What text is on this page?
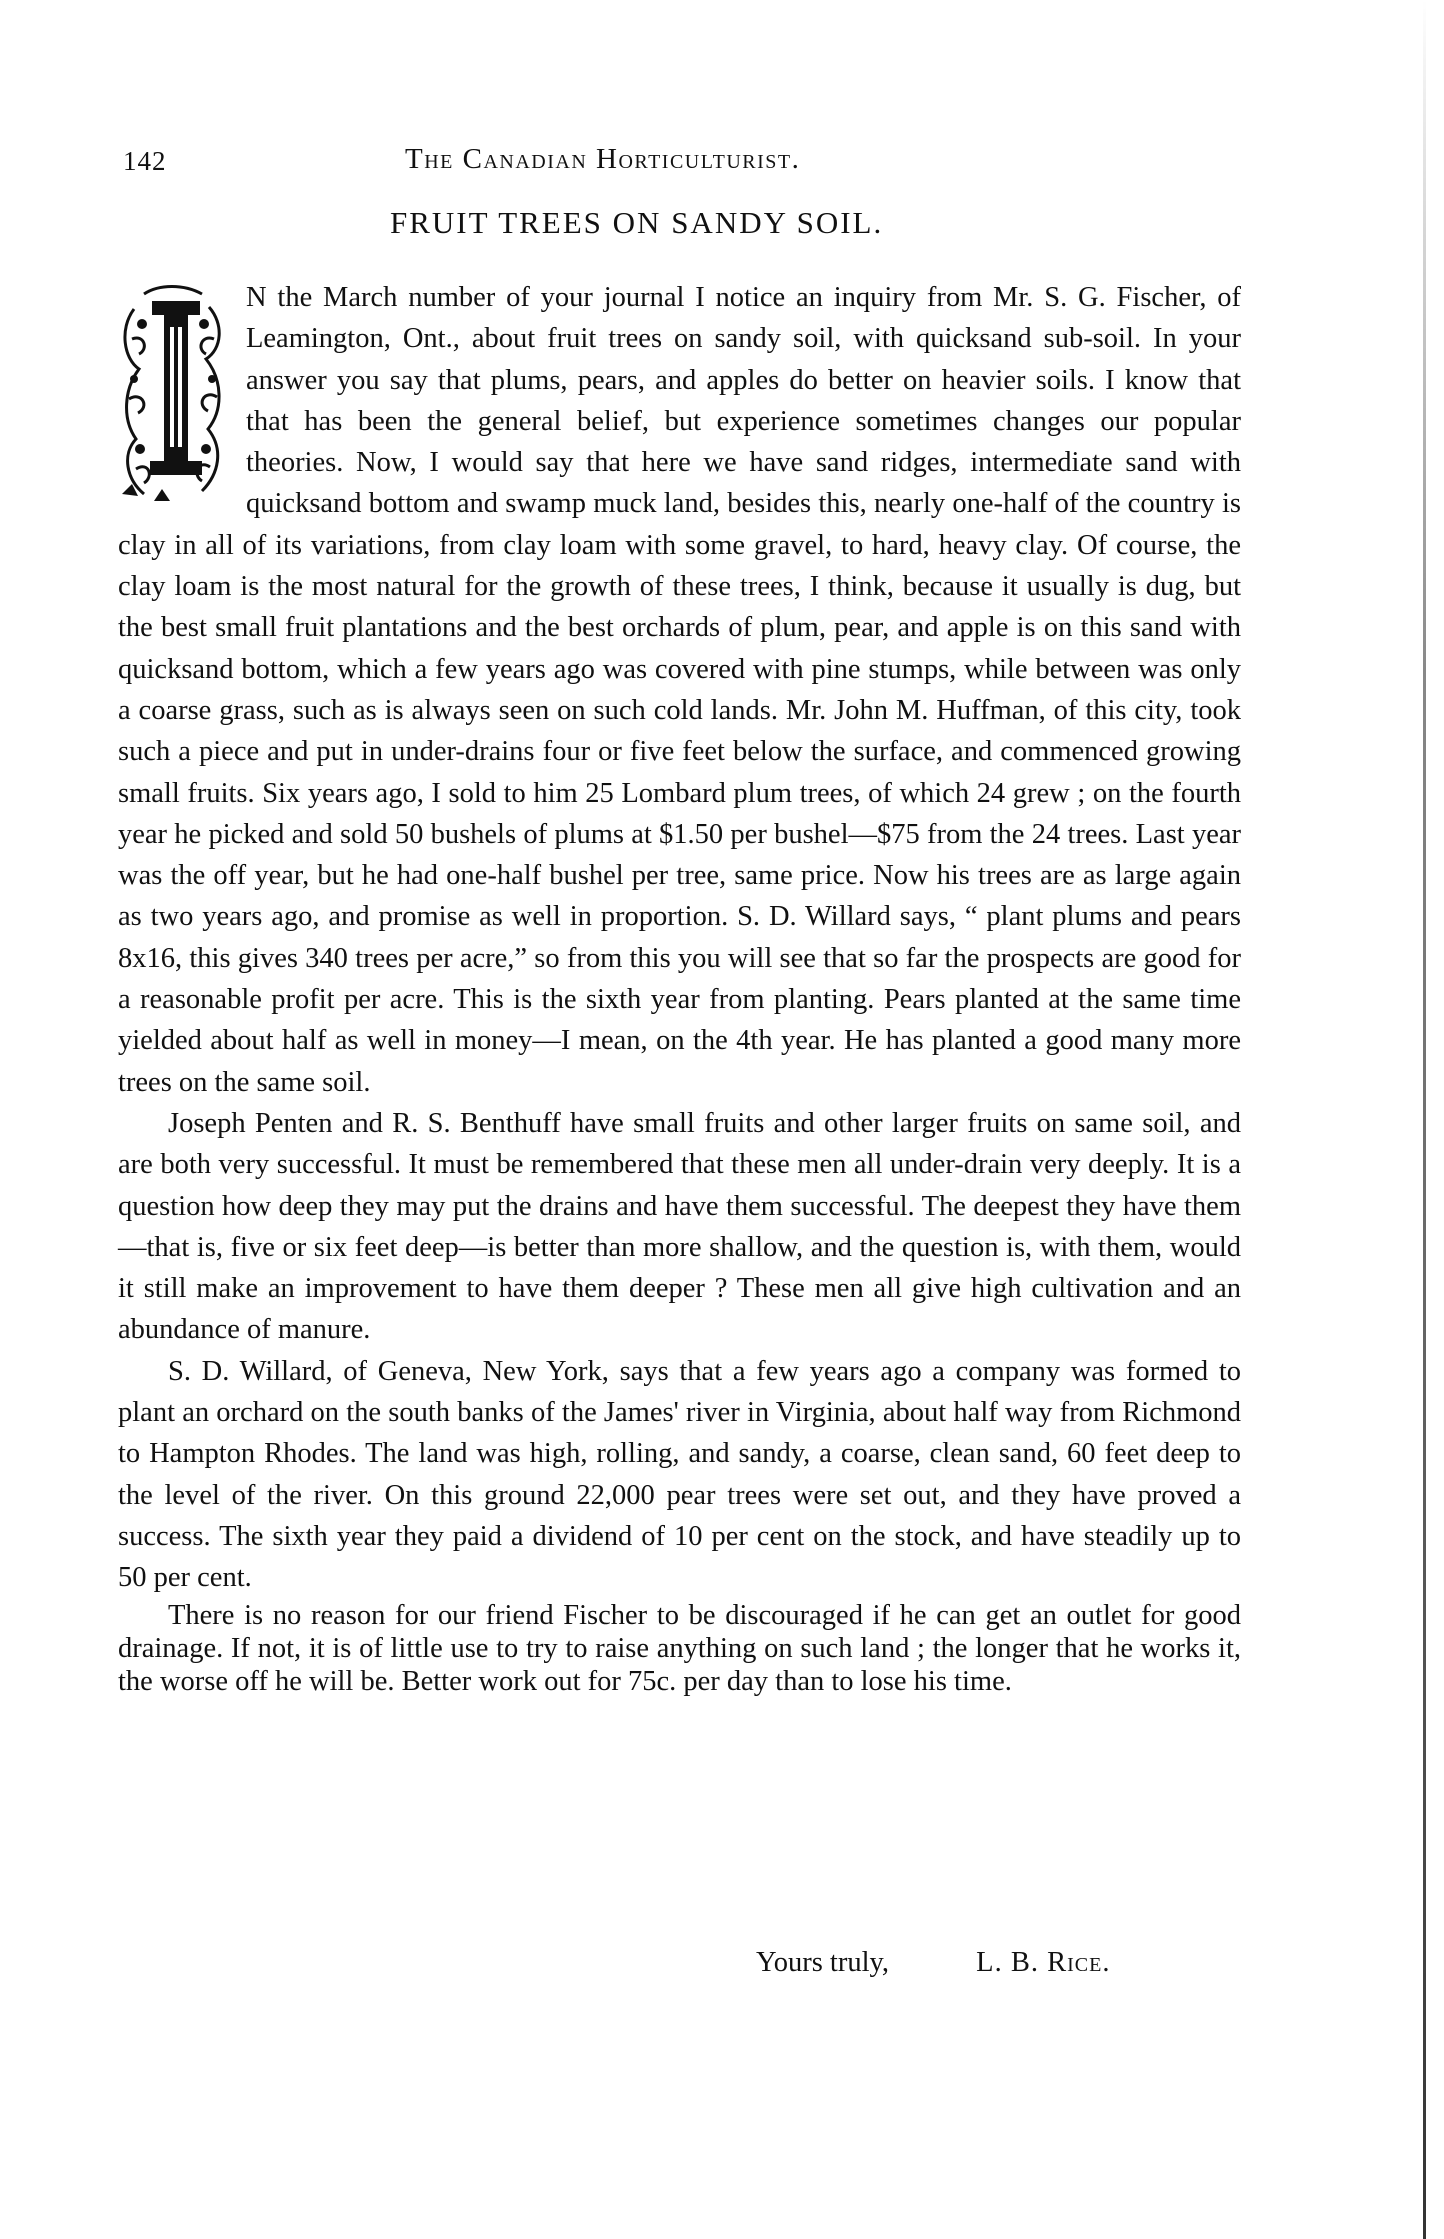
142	The Canadian Horticulturist.
FRUIT TREES ON SANDY SOIL.

N the March number of your journal I notice an inquiry from Mr. S. G. Fischer, of Leamington, Ont., about fruit trees on sandy soil, with quicksand sub-soil. In your answer you say that plums, pears, and apples do better on heavier soils. I know that that has been the general belief, but experience sometimes changes our popular theories. Now, I would say that here we have sand ridges, intermediate sand with quicksand bottom and swamp muck land, besides this, nearly one-half of the country is clay in all of its variations, from clay loam with some gravel, to hard, heavy clay. Of course, the clay loam is the most natural for the growth of these trees, I think, because it usually is dug, but the best small fruit plantations and the best orchards of plum, pear, and apple is on this sand with quicksand bottom, which a few years ago was covered with pine stumps, while between was only a coarse grass, such as is always seen on such cold lands. Mr. John M. Huffman, of this city, took such a piece and put in under-drains four or five feet below the surface, and commenced growing small fruits. Six years ago, I sold to him 25 Lombard plum trees, of which 24 grew ; on the fourth year he picked and sold 50 bushels of plums at $1.50 per bushel—$75 from the 24 trees. Last year was the off year, but he had one-half bushel per tree, same price. Now his trees are as large again as two years ago, and promise as well in proportion. S. D. Willard says, “ plant plums and pears 8x16, this gives 340 trees per acre,” so from this you will see that so far the prospects are good for a reasonable profit per acre. This is the sixth year from planting. Pears planted at the same time yielded about half as well in money—I mean, on the 4th year. He has planted a good many more trees on the same soil.

Joseph Penten and R. S. Benthuff have small fruits and other larger fruits on same soil, and are both very successful. It must be remembered that these men all under-drain very deeply. It is a question how deep they may put the drains and have them successful. The deepest they have them—that is, five or six feet deep—is better than more shallow, and the question is, with them, would it still make an improvement to have them deeper ? These men all give high cultivation and an abundance of manure.

S. D. Willard, of Geneva, New York, says that a few years ago a company was formed to plant an orchard on the south banks of the James' river in Virginia, about half way from Richmond to Hampton Rhodes. The land was high, rolling, and sandy, a coarse, clean sand, 60 feet deep to the level of the river. On this ground 22,000 pear trees were set out, and they have proved a success. The sixth year they paid a dividend of 10 per cent on the stock, and have steadily up to 50 per cent.

There is no reason for our friend Fischer to be discouraged if he can get an outlet for good drainage. If not, it is of little use to try to raise anything on such land ; the longer that he works it, the worse off he will be. Better work out for 75c. per day than to lose his time.

Yours truly,	L. B. Rice.
